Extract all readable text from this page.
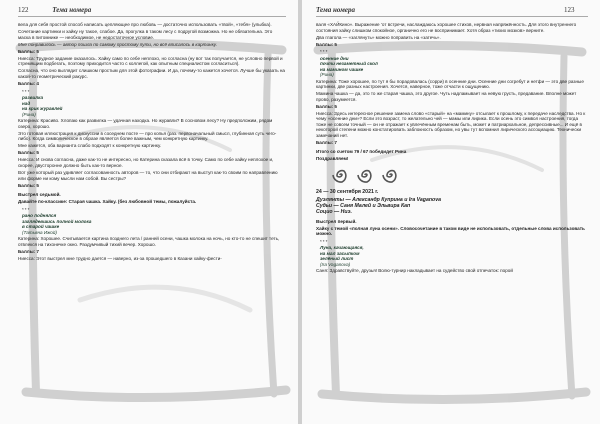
122	Тема номера

вела для себя простой способ написать цепляющее про любовь — достаточно использовать «твой», «тебя» (улыбка).

Сочетание картинки и хайку ну такое, слабое. Да, прогулка в таком лесу с подругой возможна. Но не обязательна. Это маска в питомнике — необходимое, не недостаточное условие.

Мне понравилось — автор пошла по самому простому пути, но всё вписалось в картинку.

Баллы: 5

Ниесса: Трудное задание оказалось. Хайку само по себе неплохо, но согласна (ну вот так получается, не условно первой и стремящим подбегать, поэтому приходится часто с коллегой, как опытным специалистом согласиться).

Согласна, что оно выглядит слишком простым для этой фотографии. И да, почему-то кажется хочется. Лучше бы указать на какой-то геометрический ракурс.

Баллы: 4

***
развилка
над
на крик журавлей
(Рина)

Катерина: Красиво. Хлопаю как развилка — удачная находка. Но журавли? В сосновом лесу? Ну предположим, рядом озеро, хорошо.

Это готовая иллюстрация к дискуссии в соседнем посте — про копья (раз. первоначальный смысл, глубинная суть чего-либо). Когда символическое в образе является более важным, чем конкретную картинку.

Мне кажется, оба варианта слабо подходят к конкретную картинку.

Баллы: 5

Ниесса: И снова согласна, даже как-то не интересно, но Катерина сказала всё в точку. Само по себе хайку неплохое и, скорее, двусторонне должно быть как-то верное.

Вот уже который раз удивляет согласованность авторов — то, что они отбирают на выступ как-то своим по направлению или форме ни кому мысли нам собой. Вы сестры?

Баллы: 5

Выстрел седьмой.

Давайте по-классике: Старая чашка. Хайку. (без любовной темы, пожалуйста.

***
рано поднялся
заглядевшись полной молока
в старой чашке
(Татьяна Ижой)

Катерина: Хорошее. Считывается картина позднего лета / ранней осени, чашка молока на ночь, но кто-то не спешит теть, отвлекся на тихонечке окно. Раздумчивый тихий вечер. Хорошо.

Баллы: 7

Ниесса: Этот выстрел мне трудно дается — наверно, из-за прошедшего в Казани хайку-фести-

Тема номера	123

валя «ХАЙКино». Выражение ‘от встречи, наслаждаюсь хорошее стихов, нервная напряжённость. Для этого внутреннего состояния хайку слишком спокойное, органично его не воспринимает. Хотя образ «тихих мозков» верните.

Два глагола — «заглянуть» можно поправить на «затечь».

Баллы: 5

***
осенние дни
почти незаметный скол
на мамином чашке
(Рина)

Катерина: Тоже хорошее, по тут я бы порадовалась (сорри) в осенние дни. Осенние дни согребут и нетфи — это две разные картинки, две разных настроения. Хочется, наверное, тоже отчасти к ощущению.

Мамина чашка — да, это то же старая чашка, это другое. Чуть надламывает на невую грусть, предавание. Вполне может прово, разумеется.

Баллы: 5

Ниесса: Здесь интересное решение замена слово «старый» на «мамину» отсылает к прошлому, к передаче наследства. Но к чему «осенние дни»? Если это возраст, то желательно чей — мамы или лирика. Если осень это символ настроения, тогда тоже не совсем точный — он не отражает к увлечённым временам быть, может и патриархальное, депрессивные... И ещё в некоторой степени можно констатировать заблокность образом, но увы тут вспомнил лирического ассоциацию. Технически замечаний нет.

Баллы: 7

Итого со счетом 79 / 67 победидет Рина

Поздравляем!

24 — 30 сентября 2021 г.

Дуэлянты — Александр Куприна и Ira Vaganova

Судьи — Саня Малей и Эльвира Кап

Социо — Ниэ.

Выстрел первый.

Хайку с темой «полная луна осени». Словосочетание в таком виде не использовать, отдельные слова использовать можно.

***
Луна, качающаяся,
на мал засыпком
зелёный лист
(Ira Vaganova)

Саня: Здравствуйте, друзья! Волю-турнир накладывает на судейство свой отпечаток: порой
